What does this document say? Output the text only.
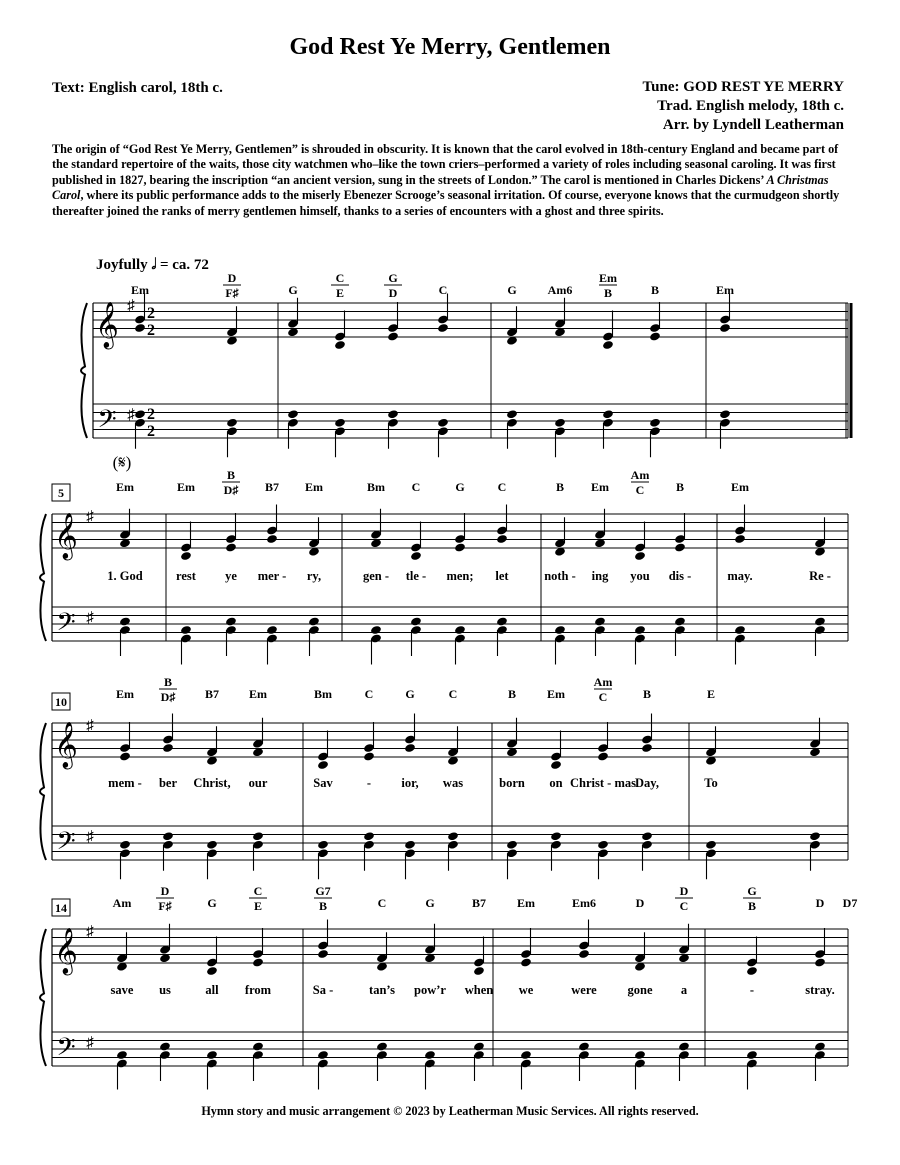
God Rest Ye Merry, Gentlemen
Text: English carol, 18th c.	Tune: GOD REST YE MERRY
Trad. English melody, 18th c.
Arr. by Lyndell Leatherman
The origin of “God Rest Ye Merry, Gentlemen” is shrouded in obscurity. It is known that the carol evolved in 18th-century England and became part of the standard repertoire of the waits, those city watchmen who–like the town criers–performed a variety of roles including seasonal caroling. It was first published in 1827, bearing the inscription “an ancient version, sung in the streets of London.” The carol is mentioned in Charles Dickens’ A Christmas Carol, where its public performance adds to the miserly Ebenezer Scrooge’s seasonal irritation. Of course, everyone knows that the curmudgeon shortly thereafter joined the ranks of merry gentlemen himself, thanks to a series of encounters with a ghost and three spirits.
Joyfully 𝅗𝅥 = ca. 72
𝄞 ♯ 2
2
𝄢 ♯ 2
2
Em
D
F♯	G
C
E
G
D	C	G	Am6
Em
B	B	Em
𝄞 ♯
𝄢 ♯
5	Em	Em
B
D♯ B7 Em	Bm C	G	C	B Em
Am
C	B	Em
1. God	rest ye mer - ry,	gen - tle - men; let	noth - ing you dis -	may.	Re -
𝄞 ♯
𝄢 ♯
10
Em
B
D♯ B7 Em	Bm	C	G	C	B	Em
Am
C	B	E
mem - ber Christ, our	Sav	- ior, was	born on Christ - mas Day,	To
𝄞 ♯
𝄢 ♯
14	Am
D
F♯	G
C
E
G7
B	C	G	B7	Em	Em6	D
D
C
G
B	D D7
save us	all from	Sa -	tan’s pow’r when we	were gone a	-	stray.
(𝄋)
Hymn story and music arrangement © 2023 by Leatherman Music Services. All rights reserved.
